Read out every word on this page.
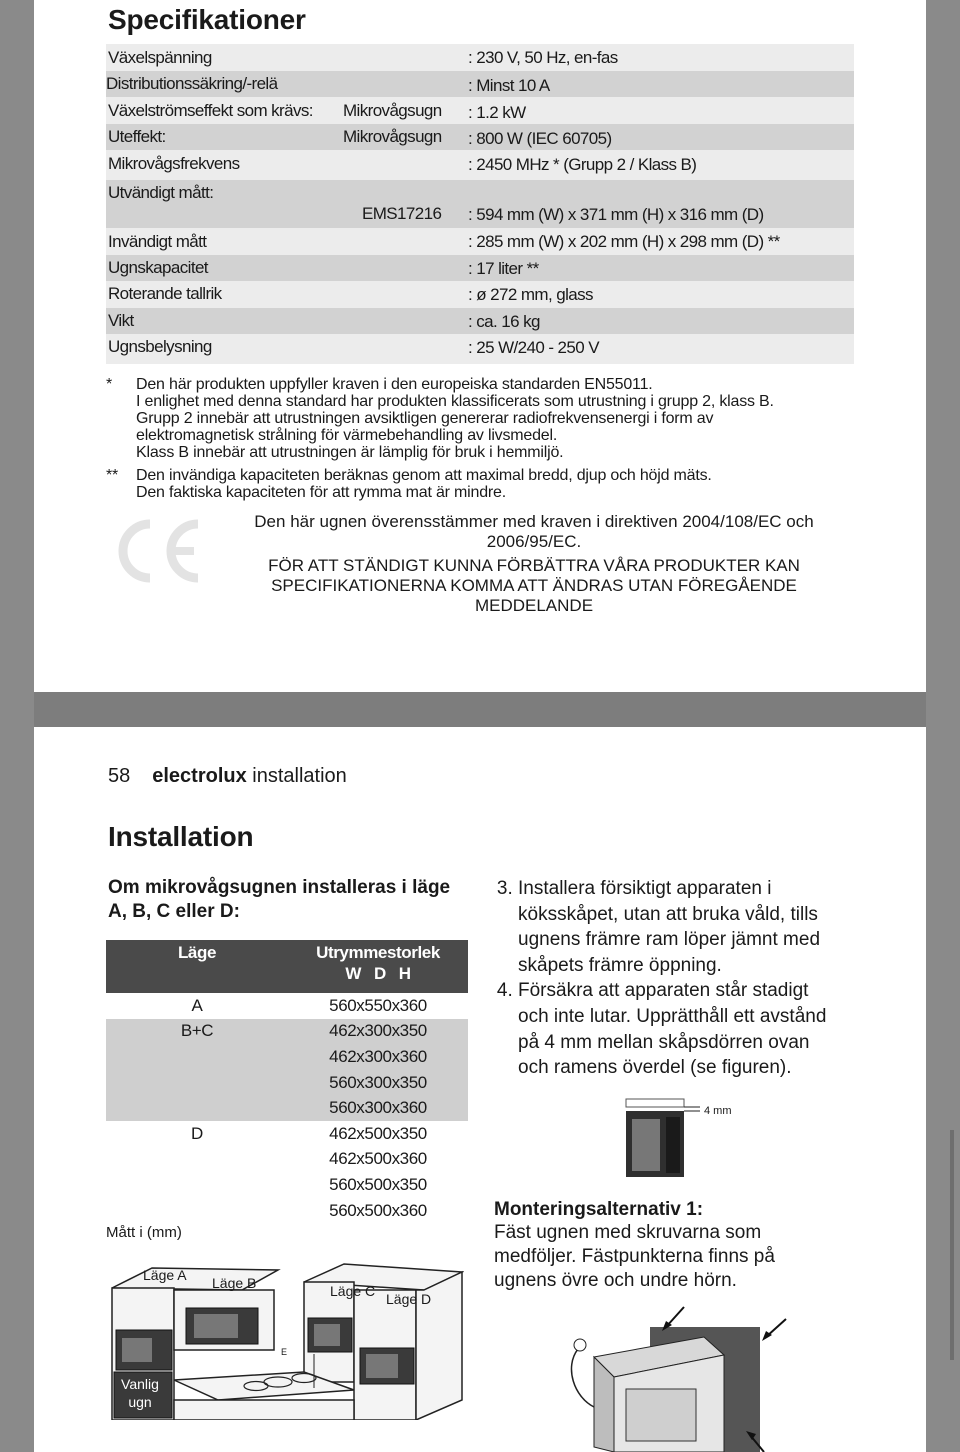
Specifikationer
Växelspänning	: 230 V, 50 Hz, en-fas
Distributionssäkring/-relä	: Minst 10 A
Växelströmseffekt som krävs: Mikrovågsugn : 1.2 kW
Uteffekt:	Mikrovågsugn : 800 W (IEC 60705)
Mikrovågsfrekvens	: 2450 MHz * (Grupp 2 / Klass B)
Utvändigt mått:
EMS17216 : 594 mm (W) x 371 mm (H) x 316 mm (D)
Invändigt mått	: 285 mm (W) x 202 mm (H) x 298 mm (D) **
Ugnskapacitet	: 17 liter **
Roterande tallrik	: ø 272 mm, glass
Vikt	: ca. 16 kg
Ugnsbelysning	: 25 W/240 - 250 V
* Den här produkten uppfyller kraven i den europeiska standarden EN55011.
I enlighet med denna standard har produkten klassificerats som utrustning i grupp 2, klass B.
Grupp 2 innebär att utrustningen avsiktligen genererar radiofrekvensenergi i form av
elektromagnetisk strålning för värmebehandling av livsmedel.
Klass B innebär att utrustningen är lämplig för bruk i hemmiljö.
** Den invändiga kapaciteten beräknas genom att maximal bredd, djup och höjd mäts.
Den faktiska kapaciteten för att rymma mat är mindre.
Den här ugnen överensstämmer med kraven i direktiven 2004/108/EC och 2006/95/EC.
FÖR ATT STÄNDIGT KUNNA FÖRBÄTTRA VÅRA PRODUKTER KAN SPECIFIKATIONERNA KOMMA ATT ÄNDRAS UTAN FÖREGÅENDE MEDDELANDE
58 electrolux installation
Installation
Om mikrovågsugnen installeras i läge A, B, C eller D:
Läge	Utrymmestorlek
W   D   H

A	560x550x360
B+C	462x300x350
	462x300x360
	560x300x350
	560x300x360
D	462x500x350
	462x500x360
	560x500x350
	560x500x360
Mått i (mm)
Läge A Läge B	Läge C Läge D
E
Vanlig ugn
3. Installera försiktigt apparaten i köksskåpet, utan att bruka våld, tills ugnens främre ram löper jämnt med skåpets främre öppning.
4. Försäkra att apparaten står stadigt och inte lutar. Upprätthåll ett avstånd på 4 mm mellan skåpsdörren ovan och ramens överdel (se figuren).
4 mm
Monteringsalternativ 1:
Fäst ugnen med skruvarna som medföljer. Fästpunkterna finns på ugnens övre och undre hörn.
